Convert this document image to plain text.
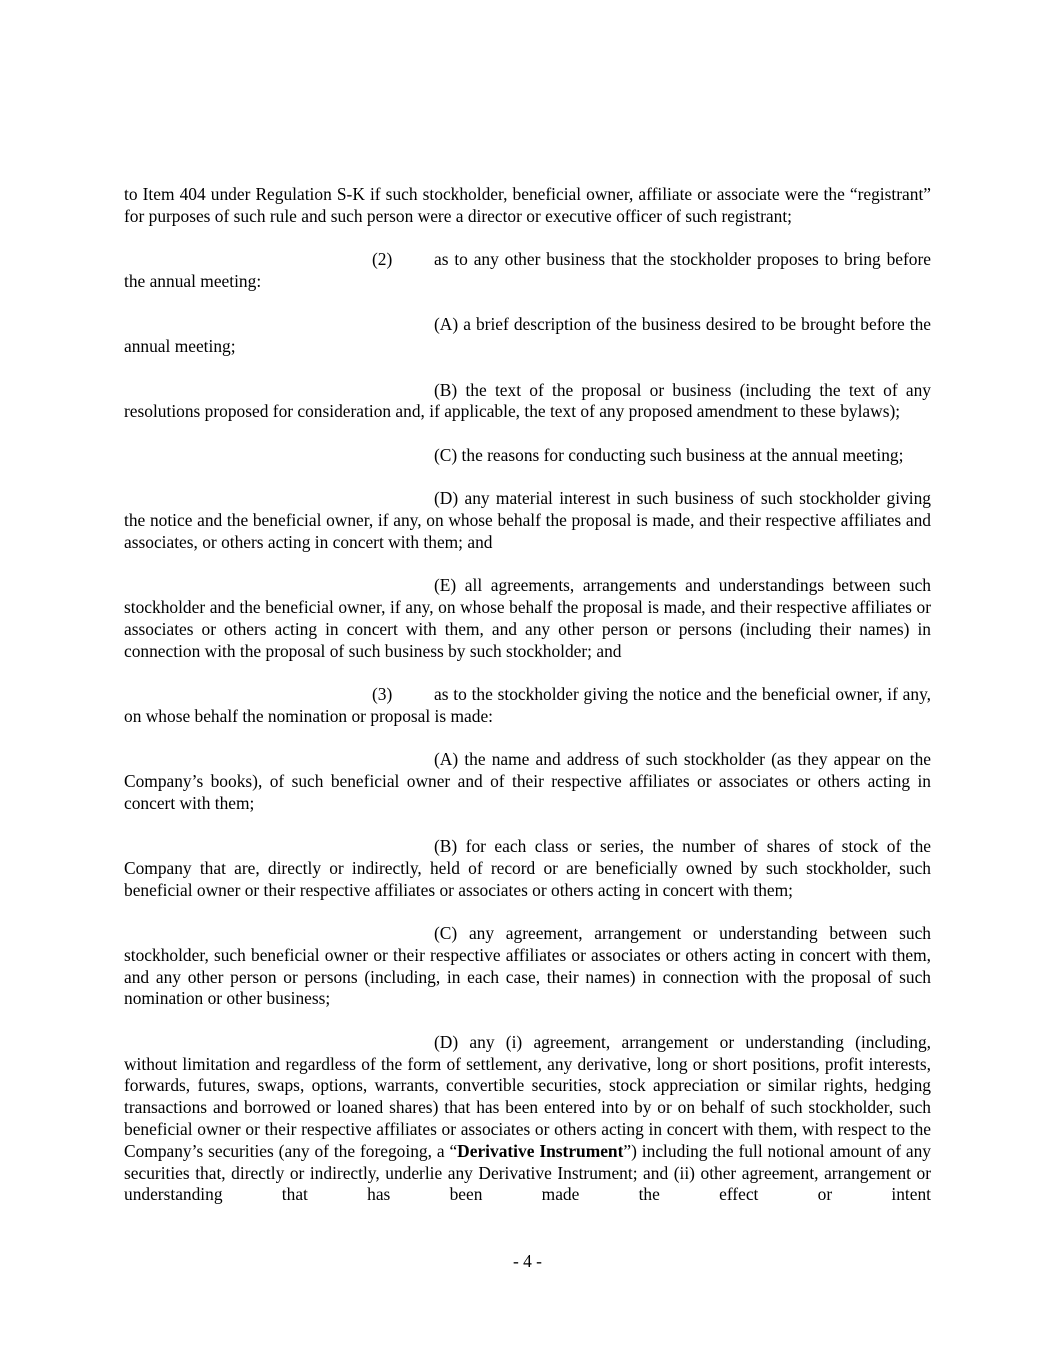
to Item 404 under Regulation S-K if such stockholder, beneficial owner, affiliate or associate were the “registrant” for purposes of such rule and such person were a director or executive officer of such registrant;

(2) as to any other business that the stockholder proposes to bring before the annual meeting:

(A) a brief description of the business desired to be brought before the annual meeting;

(B) the text of the proposal or business (including the text of any resolutions proposed for consideration and, if applicable, the text of any proposed amendment to these bylaws);

(C) the reasons for conducting such business at the annual meeting;

(D) any material interest in such business of such stockholder giving the notice and the beneficial owner, if any, on whose behalf the proposal is made, and their respective affiliates and associates, or others acting in concert with them; and

(E) all agreements, arrangements and understandings between such stockholder and the beneficial owner, if any, on whose behalf the proposal is made, and their respective affiliates or associates or others acting in concert with them, and any other person or persons (including their names) in connection with the proposal of such business by such stockholder; and

(3) as to the stockholder giving the notice and the beneficial owner, if any, on whose behalf the nomination or proposal is made:

(A) the name and address of such stockholder (as they appear on the Company’s books), of such beneficial owner and of their respective affiliates or associates or others acting in concert with them;

(B) for each class or series, the number of shares of stock of the Company that are, directly or indirectly, held of record or are beneficially owned by such stockholder, such beneficial owner or their respective affiliates or associates or others acting in concert with them;

(C) any agreement, arrangement or understanding between such stockholder, such beneficial owner or their respective affiliates or associates or others acting in concert with them, and any other person or persons (including, in each case, their names) in connection with the proposal of such nomination or other business;

(D) any (i) agreement, arrangement or understanding (including, without limitation and regardless of the form of settlement, any derivative, long or short positions, profit interests, forwards, futures, swaps, options, warrants, convertible securities, stock appreciation or similar rights, hedging transactions and borrowed or loaned shares) that has been entered into by or on behalf of such stockholder, such beneficial owner or their respective affiliates or associates or others acting in concert with them, with respect to the Company’s securities (any of the foregoing, a “Derivative Instrument”) including the full notional amount of any securities that, directly or indirectly, underlie any Derivative Instrument; and (ii) other agreement, arrangement or understanding that has been made the effect or intent

- 4 -
